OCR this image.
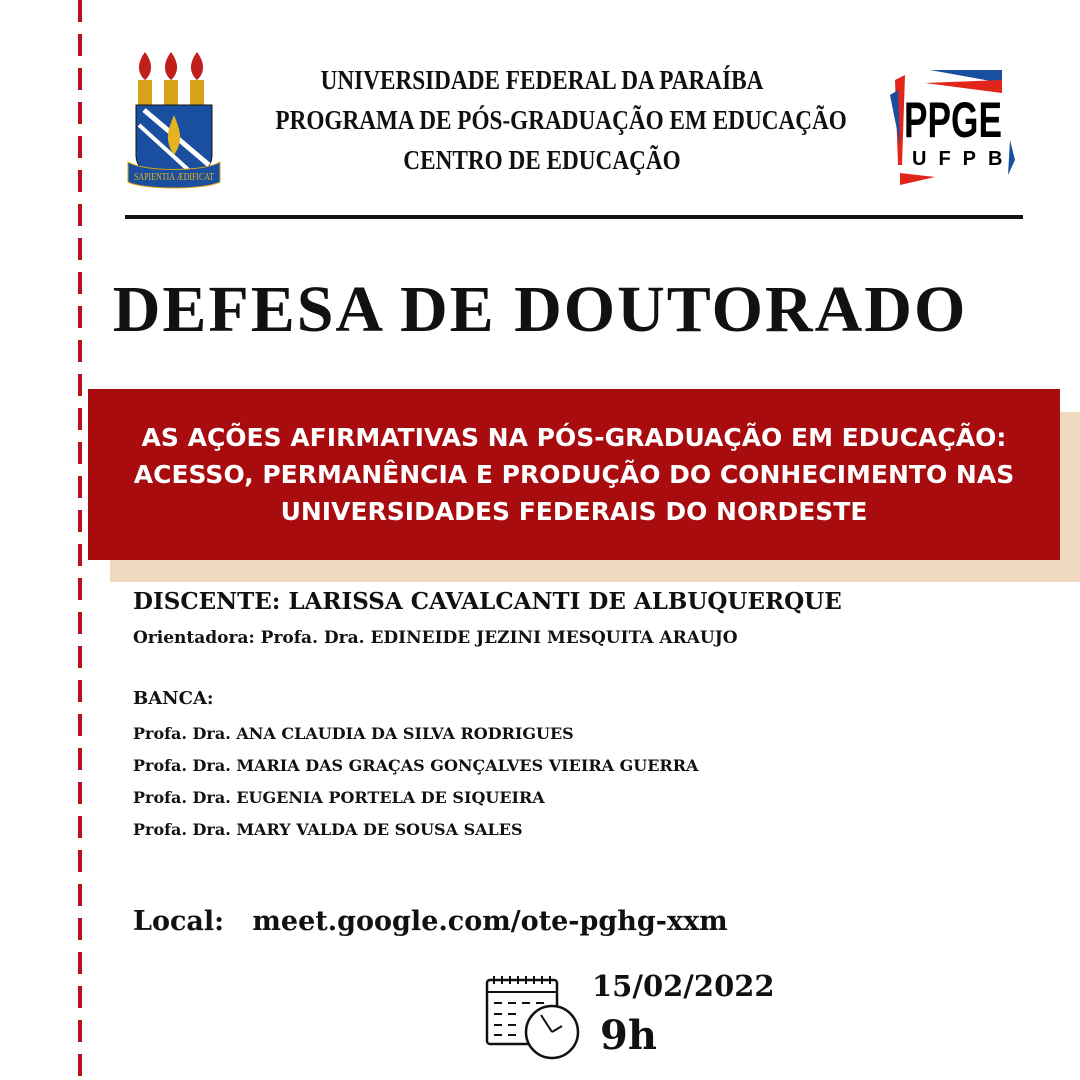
SAPIENTIA ÆDIFICAT
UNIVERSIDADE FEDERAL DA PARAÍBA
PROGRAMA DE PÓS-GRADUAÇÃO EM EDUCAÇÃO
CENTRO DE EDUCAÇÃO
PPGE
UFPB
DEFESA DE DOUTORADO
AS AÇÕES AFIRMATIVAS NA PÓS-GRADUAÇÃO EM EDUCAÇÃO:
ACESSO, PERMANÊNCIA E PRODUÇÃO DO CONHECIMENTO NAS
UNIVERSIDADES FEDERAIS DO NORDESTE
DISCENTE: LARISSA CAVALCANTI DE ALBUQUERQUE
Orientadora: Profa. Dra. EDINEIDE JEZINI MESQUITA ARAUJO
BANCA:
Profa. Dra. ANA CLAUDIA DA SILVA RODRIGUES
Profa. Dra. MARIA DAS GRAÇAS GONÇALVES VIEIRA GUERRA
Profa. Dra. EUGENIA PORTELA DE SIQUEIRA
Profa. Dra. MARY VALDA DE SOUSA SALES
Local: meet.google.com/ote-pghg-xxm
15/02/2022
9h
